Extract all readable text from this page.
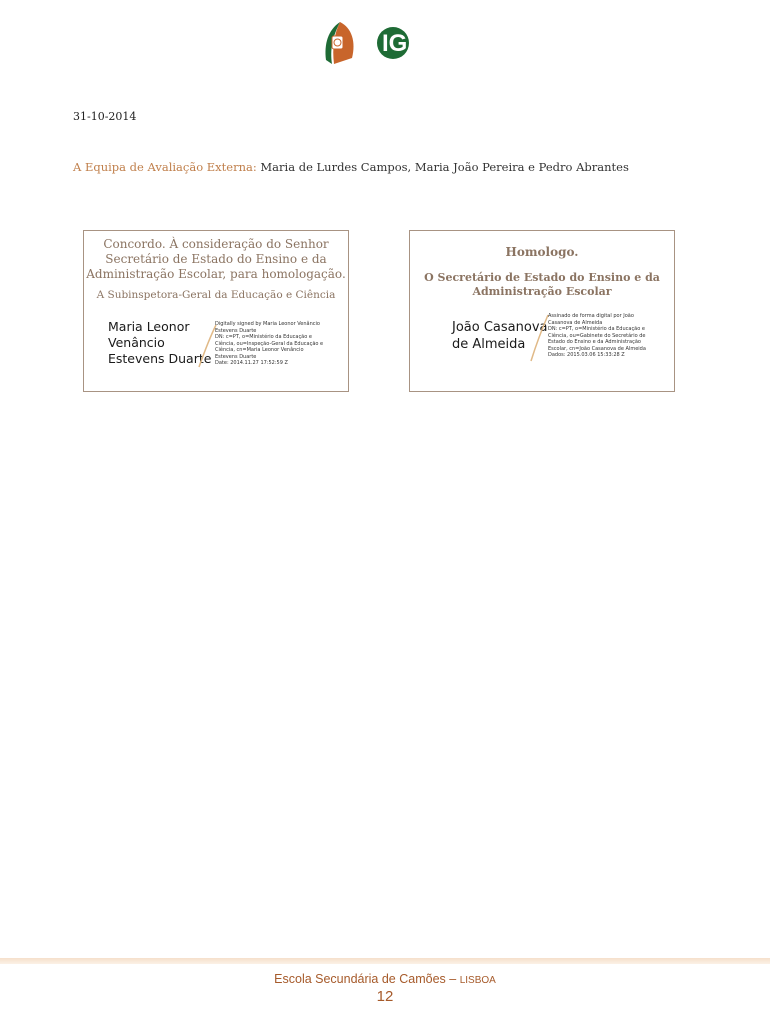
IGEC
31-10-2014
A Equipa de Avaliação Externa: Maria de Lurdes Campos, Maria João Pereira e Pedro Abrantes
Concordo. À consideração do Senhor
Secretário de Estado do Ensino e da
Administração Escolar, para homologação.
A Subinspetora-Geral da Educação e Ciência
Maria Leonor
Venâncio
Estevens Duarte
Digitally signed by Maria Leonor Venâncio
Estevens Duarte
DN: c=PT, o=Ministério da Educação e
Ciência, ou=Inspeção-Geral da Educação e
Ciência, cn=Maria Leonor Venâncio
Estevens Duarte
Date: 2014.11.27 17:52:59 Z
Homologo.
O Secretário de Estado do Ensino e da
Administração Escolar
João Casanova
de Almeida
Assinado de forma digital por João
Casanova de Almeida
DN: c=PT, o=Ministério da Educação e
Ciência, ou=Gabinete do Secretário de
Estado do Ensino e da Administração
Escolar, cn=João Casanova de Almeida
Dados: 2015.03.06 15:33:28 Z
Escola Secundária de Camões – LISBOA
12
